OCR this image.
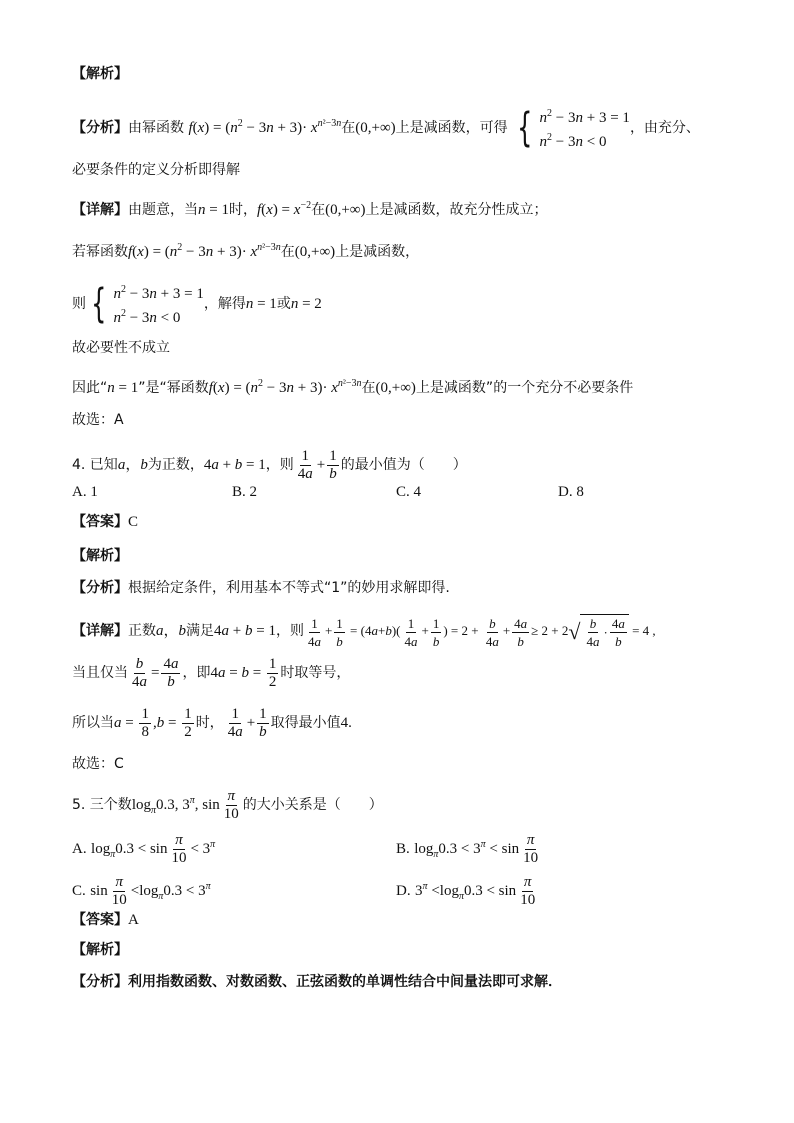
【解析】
【分析】由幂函数 $f(x) = (n^2 - 3n + 3)\cdot x^{n^2-3n}$在(0,+∞)上是减函数，可得 { $n^2 - 3n + 3 = 1$
$n^2 - 3n < 0$
，由充分、
必要条件的定义分析即得解
【详解】由题意，当n = 1时，$f(x) = x^{-2}$在(0,+∞)上是减函数，故充分性成立；
若幂函数$f(x) = (n^2 - 3n + 3)\cdot x^{n^2-3n}$在(0,+∞)上是减函数，
则 { $n^2 - 3n + 3 = 1$
$n^2 - 3n < 0$
，解得n = 1或n = 2
故必要性不成立
因此“n = 1”是“幂函数$f(x) = (n^2 - 3n + 3)\cdot x^{n^2-3n}$在(0,+∞)上是减函数”的一个充分不必要条件
故选：A
4. 已知a，b为正数，4a + b = 1，则 $\frac{1}{4a} + \frac{1}{b}$ 的最小值为（　　）
A. 1	B. 2	C. 4	D. 8
【答案】C
【解析】
【分析】根据给定条件，利用基本不等式“1”的妙用求解即得.
【详解】正数a，b满足4a + b = 1，则 $\frac{1}{4a} + \frac{1}{b} = (4a+b)( \frac{1}{4a} + \frac{1}{b}$ ) = $2 + \frac{b}{4a} + \frac{4a}{b} \ge 2 + 2$ √ $\frac{b}{4a} \cdot \frac{4a}{b} = 4$ ,
当且仅当 $\frac{b}{4a} = \frac{4a}{b}$ ，即$4a = b = \frac{1}{2}$ 时取等号，
所以当$a = \frac{1}{8} ,b = \frac{1}{2}$ 时， $\frac{1}{4a} + \frac{1}{b}$ 取得最小值4.
故选：C
5. 三个数$\log_\pi 0.3$, $3^\pi$, $\sin \frac{\pi}{10}$ 的大小关系是（　　）
A. $\log_\pi 0.3 < \sin \frac{\pi}{10} < 3^\pi$	B. $\log_\pi 0.3 < 3^\pi < \sin \frac{\pi}{10}$
C. $\sin \frac{\pi}{10} <\log_\pi 0.3 < 3^\pi$	D. $3^\pi <\log_\pi 0.3 < \sin \frac{\pi}{10}$
【答案】A
【解析】
【分析】利用指数函数、对数函数、正弦函数的单调性结合中间量法即可求解．
